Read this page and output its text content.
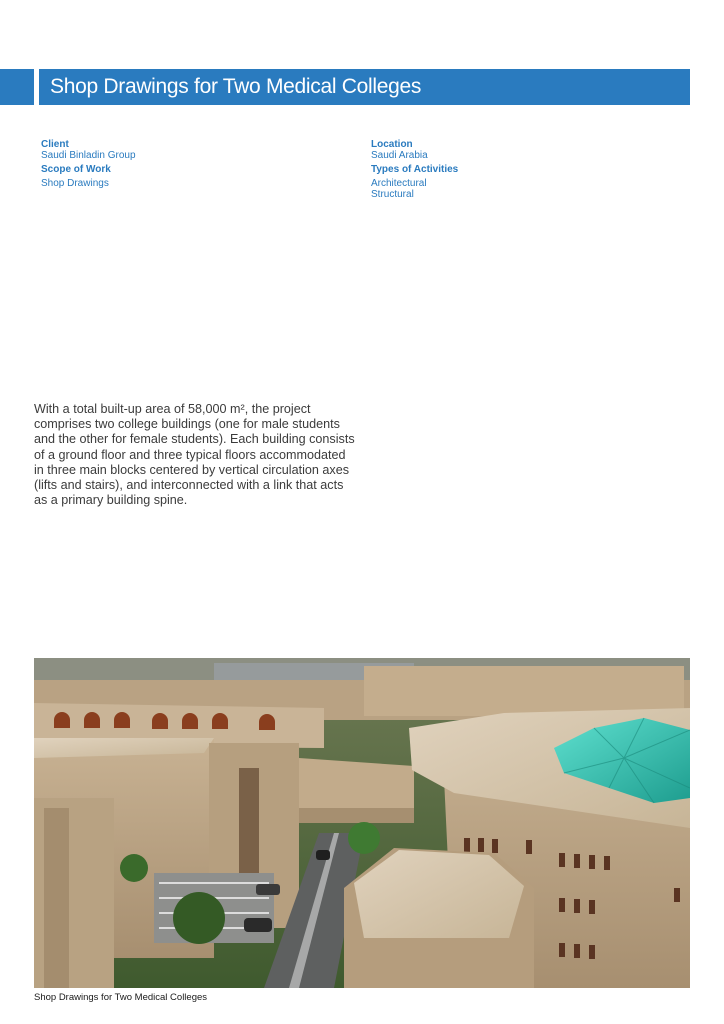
Shop Drawings for Two Medical Colleges
Client
Saudi Binladin Group
Scope of Work
Shop Drawings
Location
Saudi Arabia
Types of Activities
Architectural
Structural
With a total built-up area of 58,000 m², the project
comprises two college buildings (one for male students
and the other for female students). Each building consists
of a ground floor and three typical floors accommodated
in three main blocks centered by vertical circulation axes
(lifts and stairs), and interconnected with a link that acts
as a primary building spine.
Shop Drawings for Two Medical Colleges
